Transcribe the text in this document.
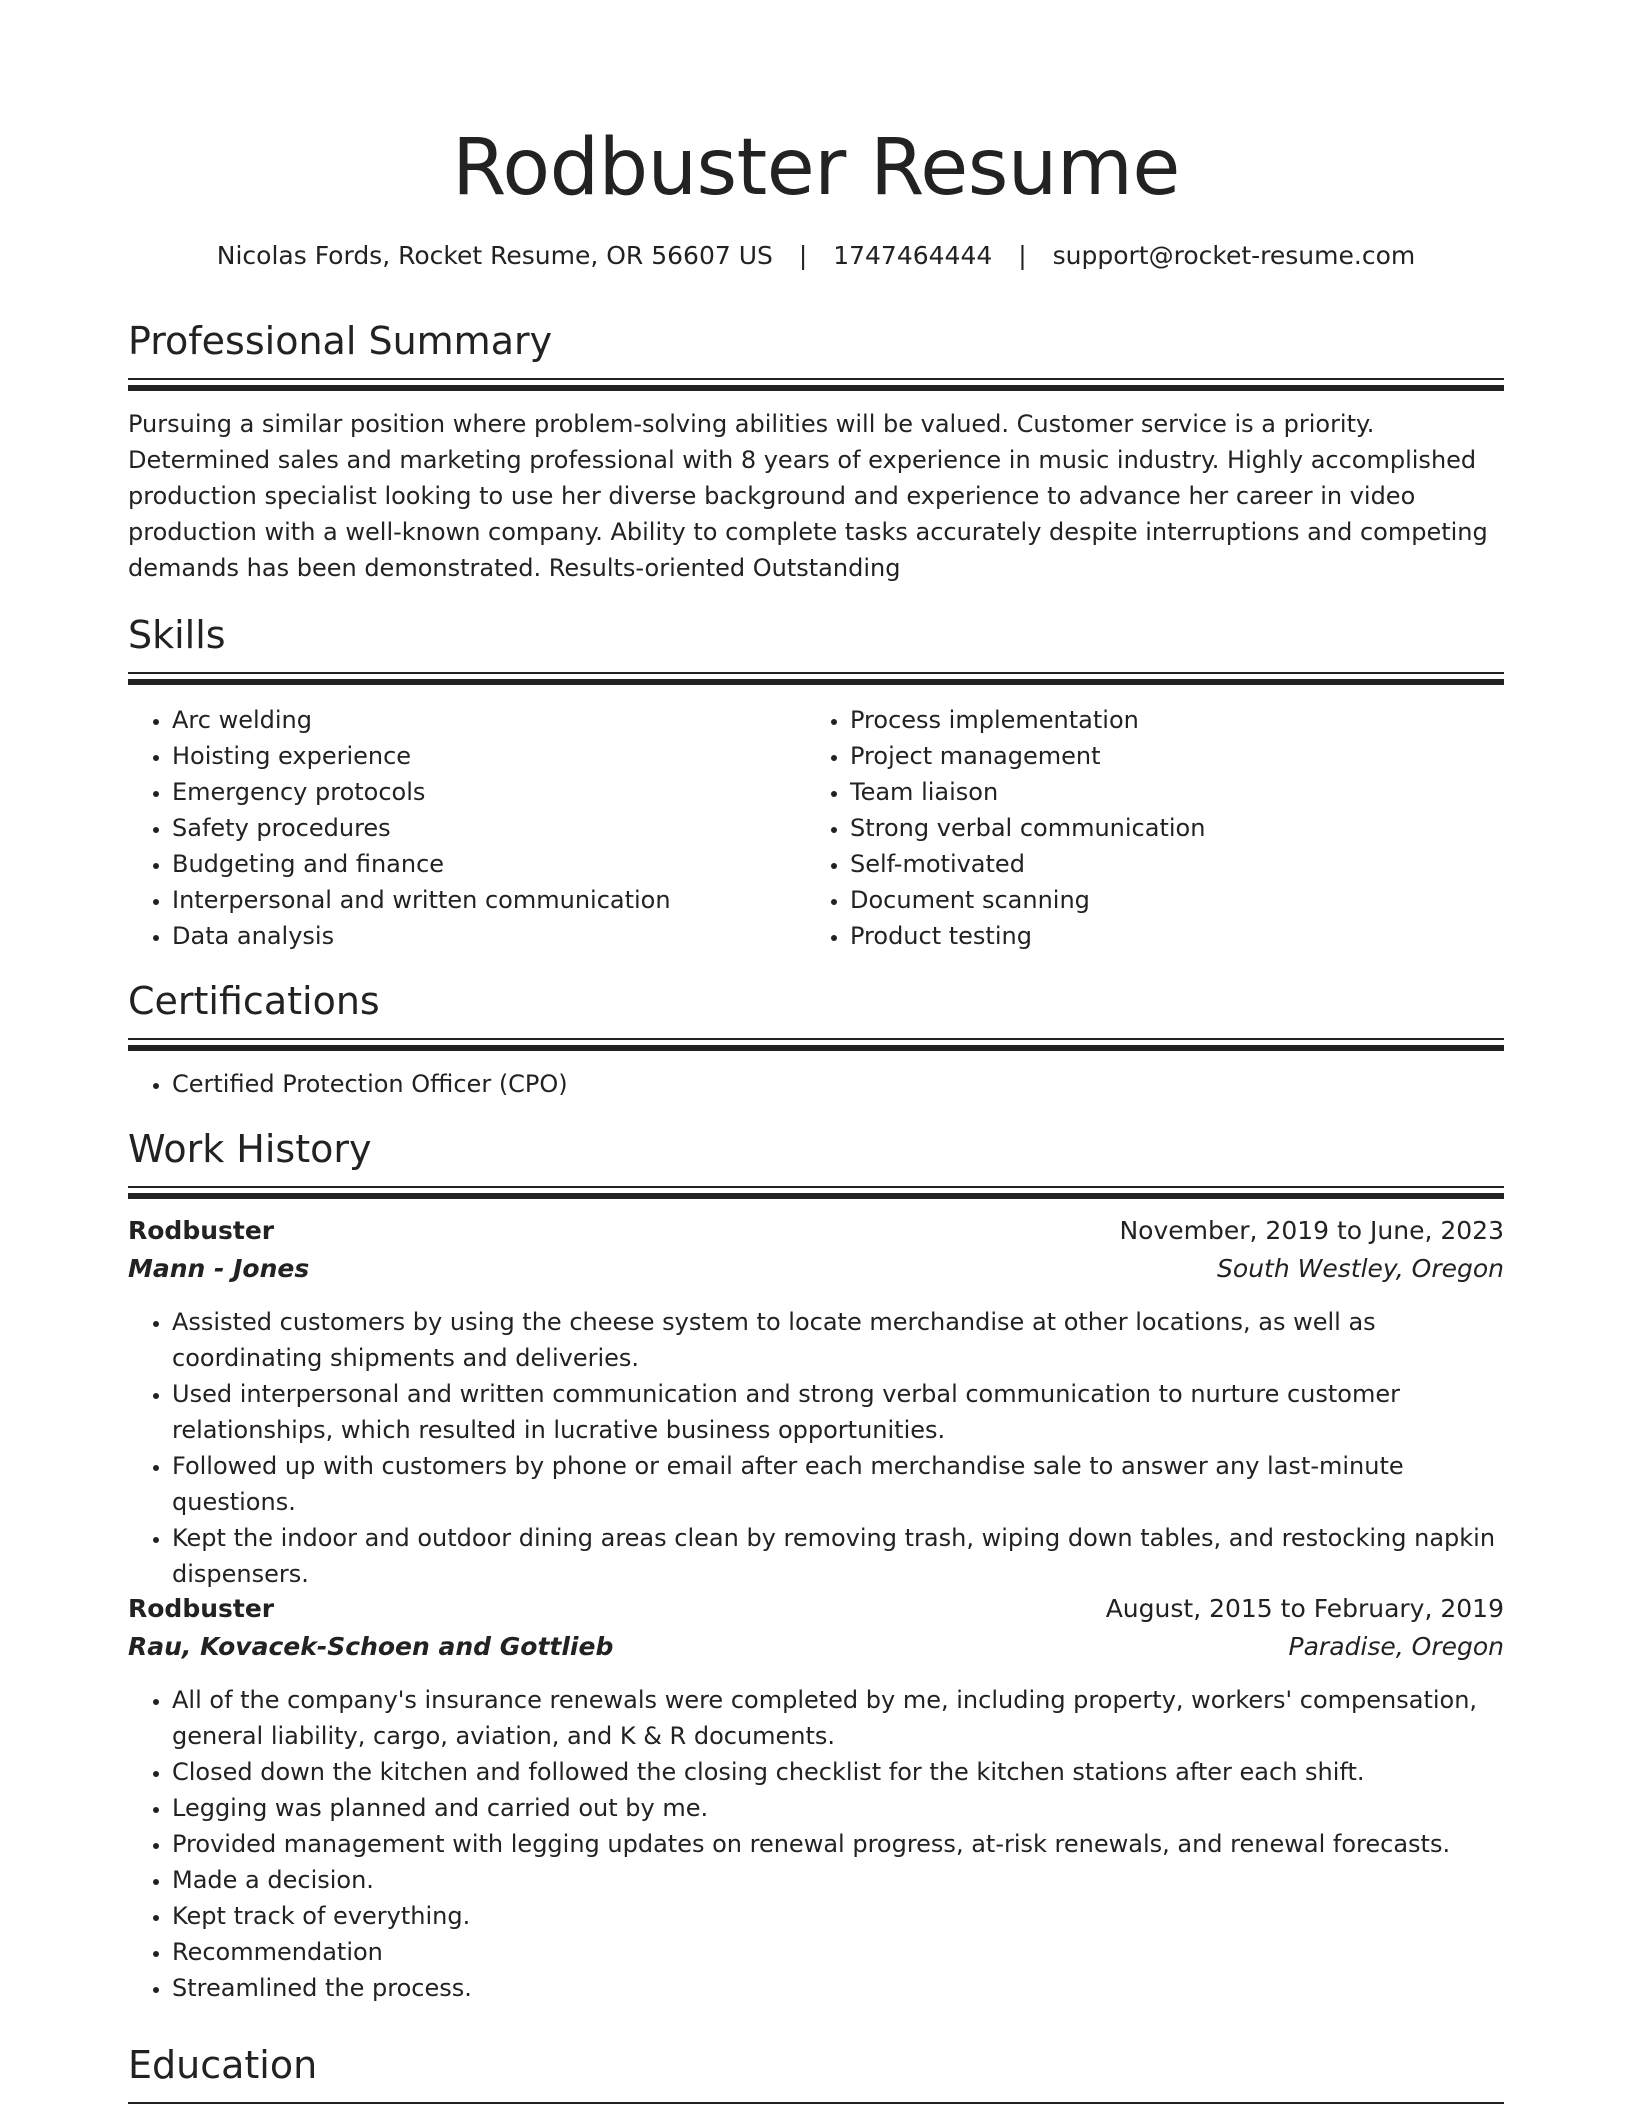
Rodbuster Resume
Nicolas Fords, Rocket Resume, OR 56607 US | 1747464444 | support@rocket-resume.com
Professional Summary

Pursuing a similar position where problem-solving abilities will be valued. Customer service is a priority. Determined sales and marketing professional with 8 years of experience in music industry. Highly accomplished production specialist looking to use her diverse background and experience to advance her career in video production with a well-known company. Ability to complete tasks accurately despite interruptions and competing demands has been demonstrated. Results-oriented Outstanding

Skills
• Arc welding
• Hoisting experience
• Emergency protocols
• Safety procedures
• Budgeting and finance
• Interpersonal and written communication
• Data analysis
• Process implementation
• Project management
• Team liaison
• Strong verbal communication
• Self-motivated
• Document scanning
• Product testing
Certifications
• Certified Protection Officer (CPO)
Work History
Rodbuster	November, 2019 to June, 2023
Mann - Jones	South Westley, Oregon
• Assisted customers by using the cheese system to locate merchandise at other locations, as well as coordinating shipments and deliveries.
• Used interpersonal and written communication and strong verbal communication to nurture customer relationships, which resulted in lucrative business opportunities.
• Followed up with customers by phone or email after each merchandise sale to answer any last-minute questions.
• Kept the indoor and outdoor dining areas clean by removing trash, wiping down tables, and restocking napkin dispensers.
Rodbuster	August, 2015 to February, 2019
Rau, Kovacek-Schoen and Gottlieb	Paradise, Oregon
• All of the company's insurance renewals were completed by me, including property, workers' compensation, general liability, cargo, aviation, and K & R documents.
• Closed down the kitchen and followed the closing checklist for the kitchen stations after each shift.
• Legging was planned and carried out by me.
• Provided management with legging updates on renewal progress, at-risk renewals, and renewal forecasts.
• Made a decision.
• Kept track of everything.
• Recommendation
• Streamlined the process.
Education
